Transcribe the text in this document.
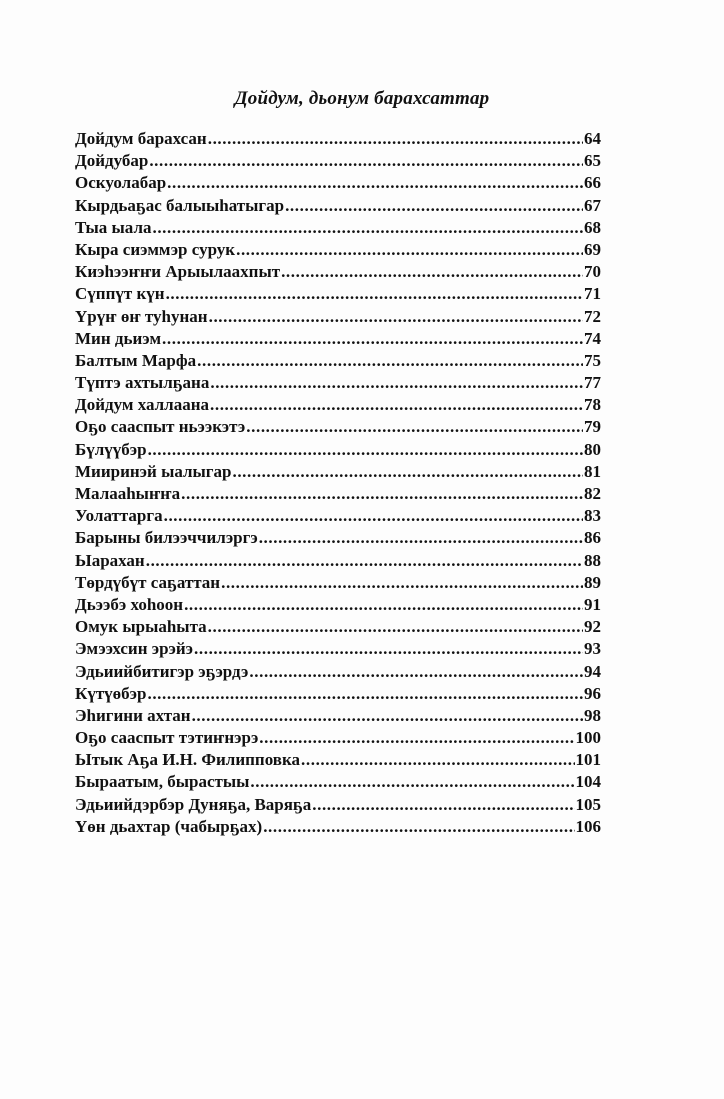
Дойдум, дьонум барахсаттар
Дойдум барахсан .....	64
Дойдубар .....	65
Оскуолабар .....	66
Кырдьаҕас балыыһатыгар .....	67
Тыа ыала .....	68
Кыра сиэммэр сурук .....	69
Киэһээҥҥи Арыылаахпыт .....	70
Сүппүт күн .....	71
Үрүҥ өҥ туһунан .....	72
Мин дьиэм .....	74
Балтым Марфа .....	75
Түптэ ахтылҕана .....	77
Дойдум халлаана .....	78
Оҕо сааспыт ньээкэтэ .....	79
Бүлүүбэр .....	80
Мииринэй ыалыгар .....	81
Малааһыҥҥа .....	82
Уолаттарга .....	83
Барыны билээччилэргэ .....	86
Ыарахан .....	88
Төрдүбүт саҕаттан .....	89
Дьээбэ хоһоон .....	91
Омук ырыаһыта .....	92
Эмээхсин эрэйэ .....	93
Эдьиийбитигэр эҕэрдэ .....	94
Күтүөбэр .....	96
Эһигини ахтан .....	98
Оҕо сааспыт тэтиҥнэрэ .....	100
Ытык Аҕа И.Н. Филипповка .....	101
Быраатым, бырастыы .....	104
Эдьиийдэрбэр Дуняҕа, Варяҕа .....	105
Үөн дьахтар (чабырҕах) .....	106
